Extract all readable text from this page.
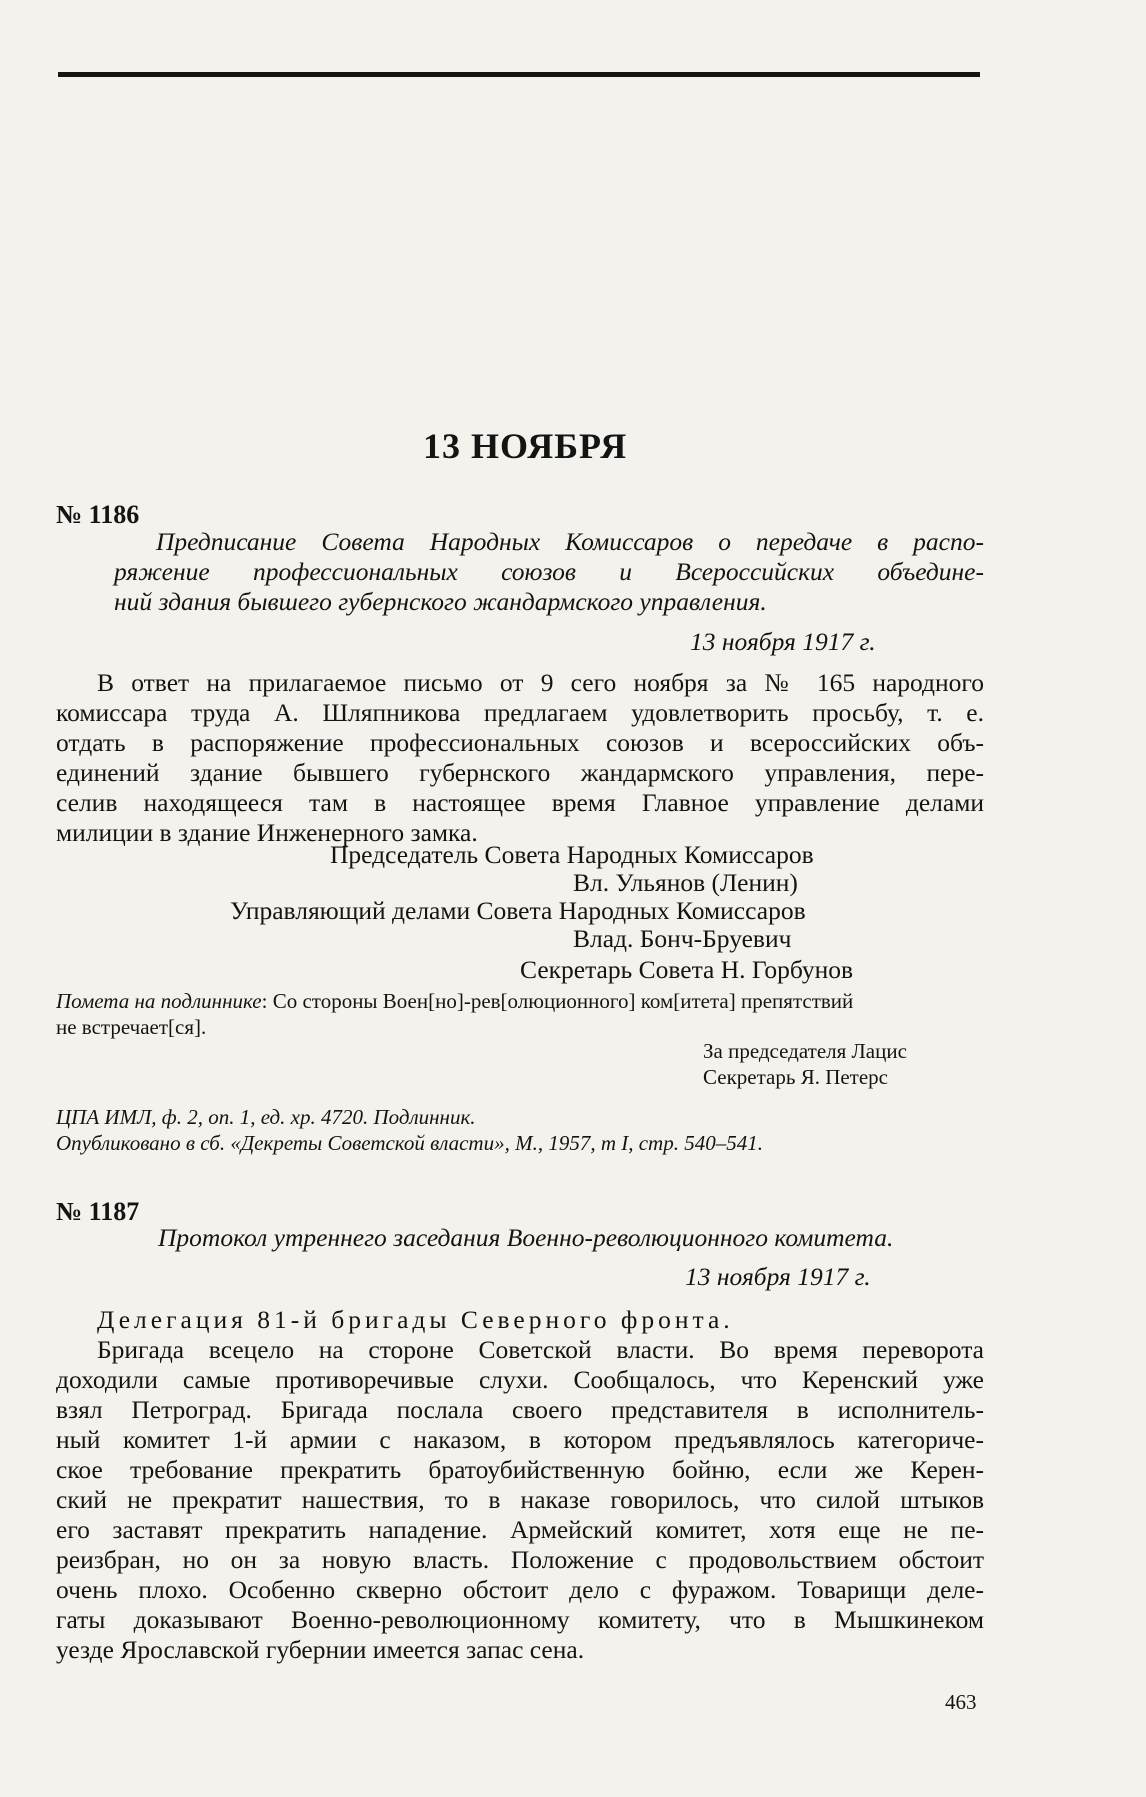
13 НОЯБРЯ
№ 1186
Предписание Совета Народных Комиссаров о передаче в распо-
ряжение профессиональных союзов и Всероссийских объедине-
ний здания бывшего губернского жандармского управления.
13 ноября 1917 г.
В ответ на прилагаемое письмо от 9 сего ноября за № 165 народного
комиссара труда А. Шляпникова предлагаем удовлетворить просьбу, т. е.
отдать в распоряжение профессиональных союзов и всероссийских объ-
единений здание бывшего губернского жандармского управления, пере-
селив находящееся там в настоящее время Главное управление делами
милиции в здание Инженерного замка.
Председатель Совета Народных Комиссаров
Вл. Ульянов (Ленин)
Управляющий делами Совета Народных Комиссаров
Влад. Бонч-Бруевич
Секретарь Совета Н. Горбунов
Помета на подлиннике: Со стороны Воен[но]-рев[олюционного] ком[итета] препятствий
не встречает[ся].
За председателя Лацис
Секретарь Я. Петерс
ЦПА ИМЛ, ф. 2, оп. 1, ед. хр. 4720. Подлинник.
Опубликовано в сб. «Декреты Советской власти», М., 1957, т I, стр. 540–541.
№ 1187
Протокол утреннего заседания Военно-революционного комитета.
13 ноября 1917 г.
Делегация 81-й бригады Северного фронта.
Бригада всецело на стороне Советской власти. Во время переворота
доходили самые противоречивые слухи. Сообщалось, что Керенский уже
взял Петроград. Бригада послала своего представителя в исполнитель-
ный комитет 1-й армии с наказом, в котором предъявлялось категориче-
ское требование прекратить братоубийственную бойню, если же Керен-
ский не прекратит нашествия, то в наказе говорилось, что силой штыков
его заставят прекратить нападение. Армейский комитет, хотя еще не пе-
реизбран, но он за новую власть. Положение с продовольствием обстоит
очень плохо. Особенно скверно обстоит дело с фуражом. Товарищи деле-
гаты доказывают Военно-революционному комитету, что в Мышкинеком
уезде Ярославской губернии имеется запас сена.
463
